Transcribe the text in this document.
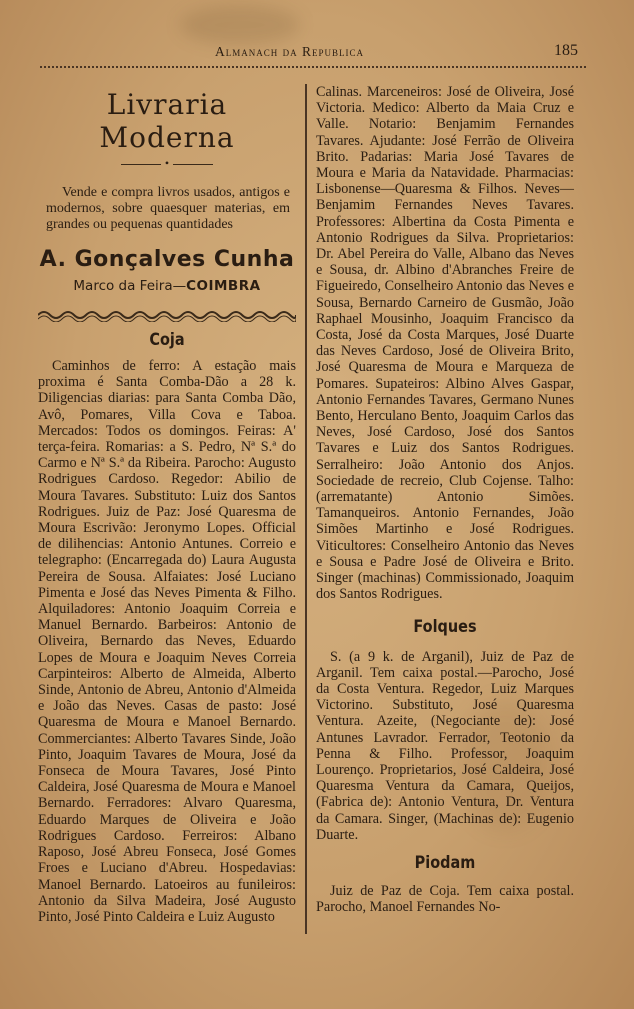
Almanach da Republica	185
Livraria Moderna
•

Vende e compra livros usados, antigos e modernos, sobre quaesquer materias, em grandes ou pequenas quantidades

A. Gonçalves Cunha
Marco da Feira—COIMBRA
Coja

Caminhos de ferro: A estação mais proxima é Santa Comba-Dão a 28 k. Diligencias diarias: para Santa Comba Dão, Avô, Pomares, Villa Cova e Taboa. Mercados: Todos os domingos. Feiras: A' terça-feira. Romarias: a S. Pedro, Nª S.ª do Carmo e Nª S.ª da Ribeira. Parocho: Augusto Rodrigues Cardoso. Regedor: Abilio de Moura Tavares. Substituto: Luiz dos Santos Rodrigues. Juiz de Paz: José Quaresma de Moura Escrivão: Jeronymo Lopes. Official de dilihencias: Antonio Antunes. Correio e telegrapho: (Encarregada do) Laura Augusta Pereira de Sousa. Alfaiates: José Luciano Pimenta e José das Neves Pimenta & Filho. Alquiladores: Antonio Joaquim Correia e Manuel Bernardo. Barbeiros: Antonio de Oliveira, Bernardo das Neves, Eduardo Lopes de Moura e Joaquim Neves Correia Carpinteiros: Alberto de Almeida, Alberto Sinde, Antonio de Abreu, Antonio d'Almeida e João das Neves. Casas de pasto: José Quaresma de Moura e Manoel Bernardo. Commerciantes: Alberto Tavares Sinde, João Pinto, Joaquim Tavares de Moura, José da Fonseca de Moura Tavares, José Pinto Caldeira, José Quaresma de Moura e Manoel Bernardo. Ferradores: Alvaro Quaresma, Eduardo Marques de Oliveira e João Rodrigues Cardoso. Ferreiros: Albano Raposo, José Abreu Fonseca, José Gomes Froes e Luciano d'Abreu. Hospedavias: Manoel Bernardo. Latoeiros au funileiros: Antonio da Silva Madeira, José Augusto Pinto, José Pinto Caldeira e Luiz Augusto

Calinas. Marceneiros: José de Oliveira, José Victoria. Medico: Alberto da Maia Cruz e Valle. Notario: Benjamim Fernandes Tavares. Ajudante: José Ferrão de Oliveira Brito. Padarias: Maria José Tavares de Moura e Maria da Natavidade. Pharmacias: Lisbonense—Quaresma & Filhos. Neves—Benjamim Fernandes Neves Tavares. Professores: Albertina da Costa Pimenta e Antonio Rodrigues da Silva. Proprietarios: Dr. Abel Pereira do Valle, Albano das Neves e Sousa, dr. Albino d'Abranches Freire de Figueiredo, Conselheiro Antonio das Neves e Sousa, Bernardo Carneiro de Gusmão, João Raphael Mousinho, Joaquim Francisco da Costa, José da Costa Marques, José Duarte das Neves Cardoso, José de Oliveira Brito, José Quaresma de Moura e Marqueza de Pomares. Supateiros: Albino Alves Gaspar, Antonio Fernandes Tavares, Germano Nunes Bento, Herculano Bento, Joaquim Carlos das Neves, José Cardoso, José dos Santos Tavares e Luiz dos Santos Rodrigues. Serralheiro: João Antonio dos Anjos. Sociedade de recreio, Club Cojense. Talho: (arrematante) Antonio Simões. Tamanqueiros. Antonio Fernandes, João Simões Martinho e José Rodrigues. Viticultores: Conselheiro Antonio das Neves e Sousa e Padre José de Oliveira e Brito. Singer (machinas) Commissionado, Joaquim dos Santos Rodrigues.

Folques

S. (a 9 k. de Arganil), Juiz de Paz de Arganil. Tem caixa postal.—Parocho, José da Costa Ventura. Regedor, Luiz Marques Victorino. Substituto, José Quaresma Ventura. Azeite, (Negociante de): José Antunes Lavrador. Ferrador, Teotonio da Penna & Filho. Professor, Joaquim Lourenço. Proprietarios, José Caldeira, José Quaresma Ventura da Camara, Queijos, (Fabrica de): Antonio Ventura, Dr. Ventura da Camara. Singer, (Machinas de): Eugenio Duarte.

Piodam

Juiz de Paz de Coja. Tem caixa postal. Parocho, Manoel Fernandes No-
